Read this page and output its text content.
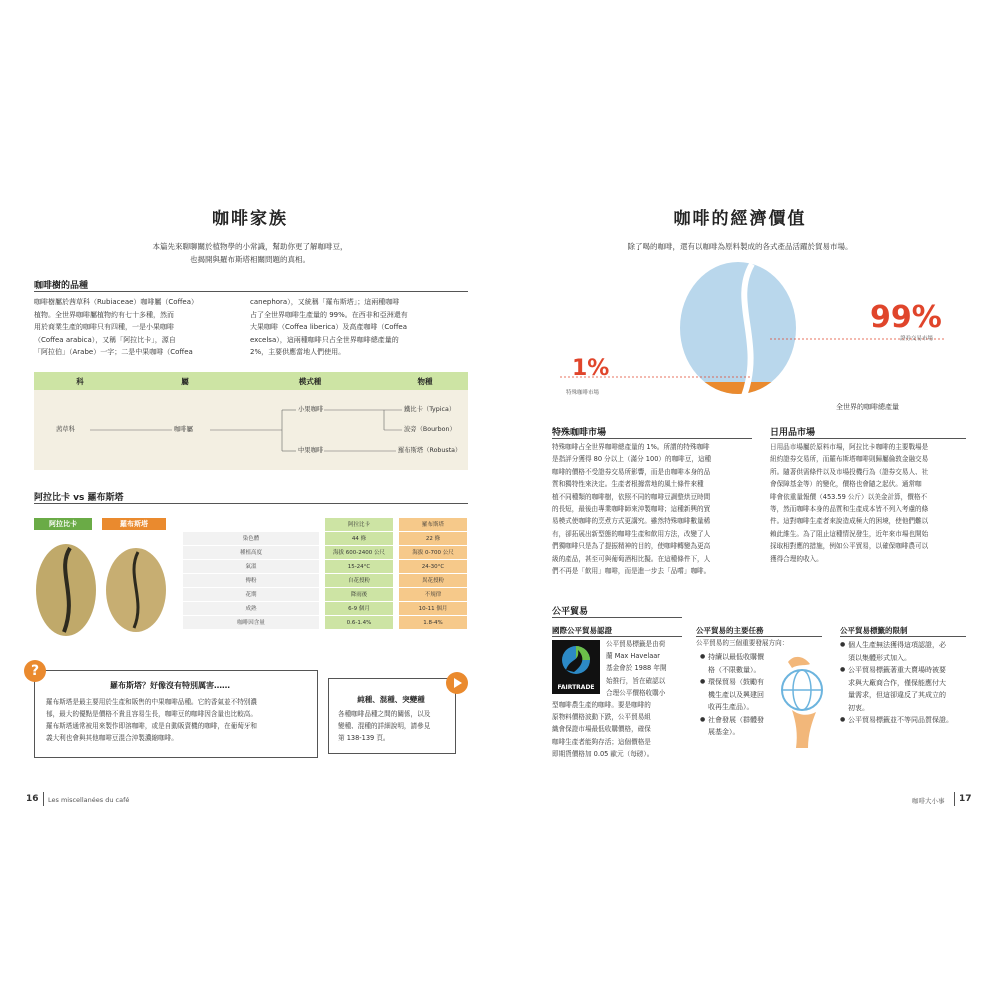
咖啡家族
本篇先來聊聊關於植物學的小常識，幫助你更了解咖啡豆，
也揭開與羅布斯塔相關問題的真相。
咖啡樹的品種
咖啡樹屬於茜草科（Rubiaceae）咖啡屬（Coffea）
植物。全世界咖啡屬植物約有七十多種，然而
用於商業生產的咖啡只有四種，一是小果咖啡
（Coffea arabica），又稱「阿拉比卡」，源自
「阿拉伯」（Arabe）一字；二是中果咖啡（Coffea
canephora），又統稱「羅布斯塔」；這兩種咖啡
占了全世界咖啡生產量的 99%。在西非和亞洲還有
大果咖啡（Coffea liberica）及高產咖啡（Coffea
excelsa），這兩種咖啡只占全世界咖啡總產量的
2%，主要供應當地人們使用。
科	屬	模式種	物種
茜草科	咖啡屬
小果咖啡
中果咖啡
鐵比卡（Typica）
波旁（Bourbon）
羅布斯塔（Robusta）
阿拉比卡 vs 羅布斯塔
阿拉比卡	羅布斯塔	阿拉比卡	羅布斯塔
染色體	44 條	22 條
種植高度	海拔 600-2400 公尺	海拔 0-700 公尺
氣溫	15-24°C	24-30°C
傳粉	自花授粉	異花授粉
花期	降雨後	不規律
成熟	6-9 個月	10-11 個月
咖啡因含量	0.6-1.4%	1.8-4%
?
羅布斯塔？好像沒有特別厲害……
羅布斯塔是最主要用於生產和販售的中果咖啡品種。它的香氣並不特別濃
郁，最大的優點是價格不貴且容易生長，咖啡豆的咖啡因含量也比較高。
羅布斯塔通常被用來製作即溶咖啡，或是自動販賣機的咖啡，在葡萄牙和
義大利也會與其他咖啡豆混合沖製濃縮咖啡。
純種、混種、突變種
各種咖啡品種之間的關係，以及
變種、混種的詳細說明，請參見
第 138-139 頁。
16 Les miscellanées du café
咖啡的經濟價值
除了喝的咖啡，還有以咖啡為原料製成的各式產品活躍於貿易市場。
99%
證券交易市場
1%
特殊咖啡市場
全世界的咖啡總產量
特殊咖啡市場
特殊咖啡占全世界咖啡總產量的 1%。所謂的特殊咖啡
是指評分獲得 80 分以上（滿分 100）的咖啡豆，這種
咖啡的價格不受證券交易所影響，而是由咖啡本身的品
質和獨特性來決定。生產者根據當地的風土條件來種
植不同種類的咖啡樹，依照不同的咖啡豆調整烘豆時間
的長短，最後由專業咖啡師來沖製咖啡；這種新興的貿
易模式使咖啡的烹煮方式更講究。雖然特殊咖啡數量稀
有，卻拓展出新型態的咖啡生產和飲用方法，改變了人
們獨咖啡只是為了提振精神的目的，使咖啡轉變為更高
級的產品，甚至可與葡萄酒相比擬。在這種條件下，人
們不再是「飲用」咖啡，而是進一步去「品嚐」咖啡。
日用品市場
日用品市場屬於原料市場，阿拉比卡咖啡的主要戰場是
紐約證券交易所，而羅布斯塔咖啡則歸屬倫敦金融交易
所。隨著供需條件以及市場投機行為（證券交易人、社
會保障基金等）的變化，價格也會隨之起伏。通常咖
啡會依重量報價（453.59 公斤）以美金計算，價格不
等，然而咖啡本身的品質和生產成本皆不列入考慮的條
件。這對咖啡生產者來說造成極大的困境，使他們難以
賴此維生。為了阻止這種情況發生，近年來市場也開始
採取相對應的措施，例如公平貿易，以確保咖啡農可以
獲得合理的收入。
公平貿易
國際公平貿易認證
FAIRTRADE
公平貿易標籤是由荷
蘭 Max Havelaar
基金會於 1988 年開
始推行，旨在確認以
合理公平價格收購小
型咖啡農生產的咖啡。要是咖啡的
原物料價格波動下跌，公平貿易組
織會保證市場最低收購價格，確保
咖啡生產者能夠存活；這個價格是
即期貨價格加 0.05 歐元（每磅）。
公平貿易的主要任務
公平貿易的三個重要發展方向：
● 持續以最低收購價
格（不限數量）。
● 環保貿易（鼓勵有
機生產以及興建回
收再生產品）。
● 社會發展（群體發
展基金）。
公平貿易標籤的限制
● 個人生產無法獲得這項認證，必
須以集體形式加入。
● 公平貿易標籤著重大賣場時被要
求與大廠商合作，僅保能應付大
量需求，但這卻違反了其成立的
初衷。
● 公平貿易標籤並不等同品質保證。
咖啡大小事 17
